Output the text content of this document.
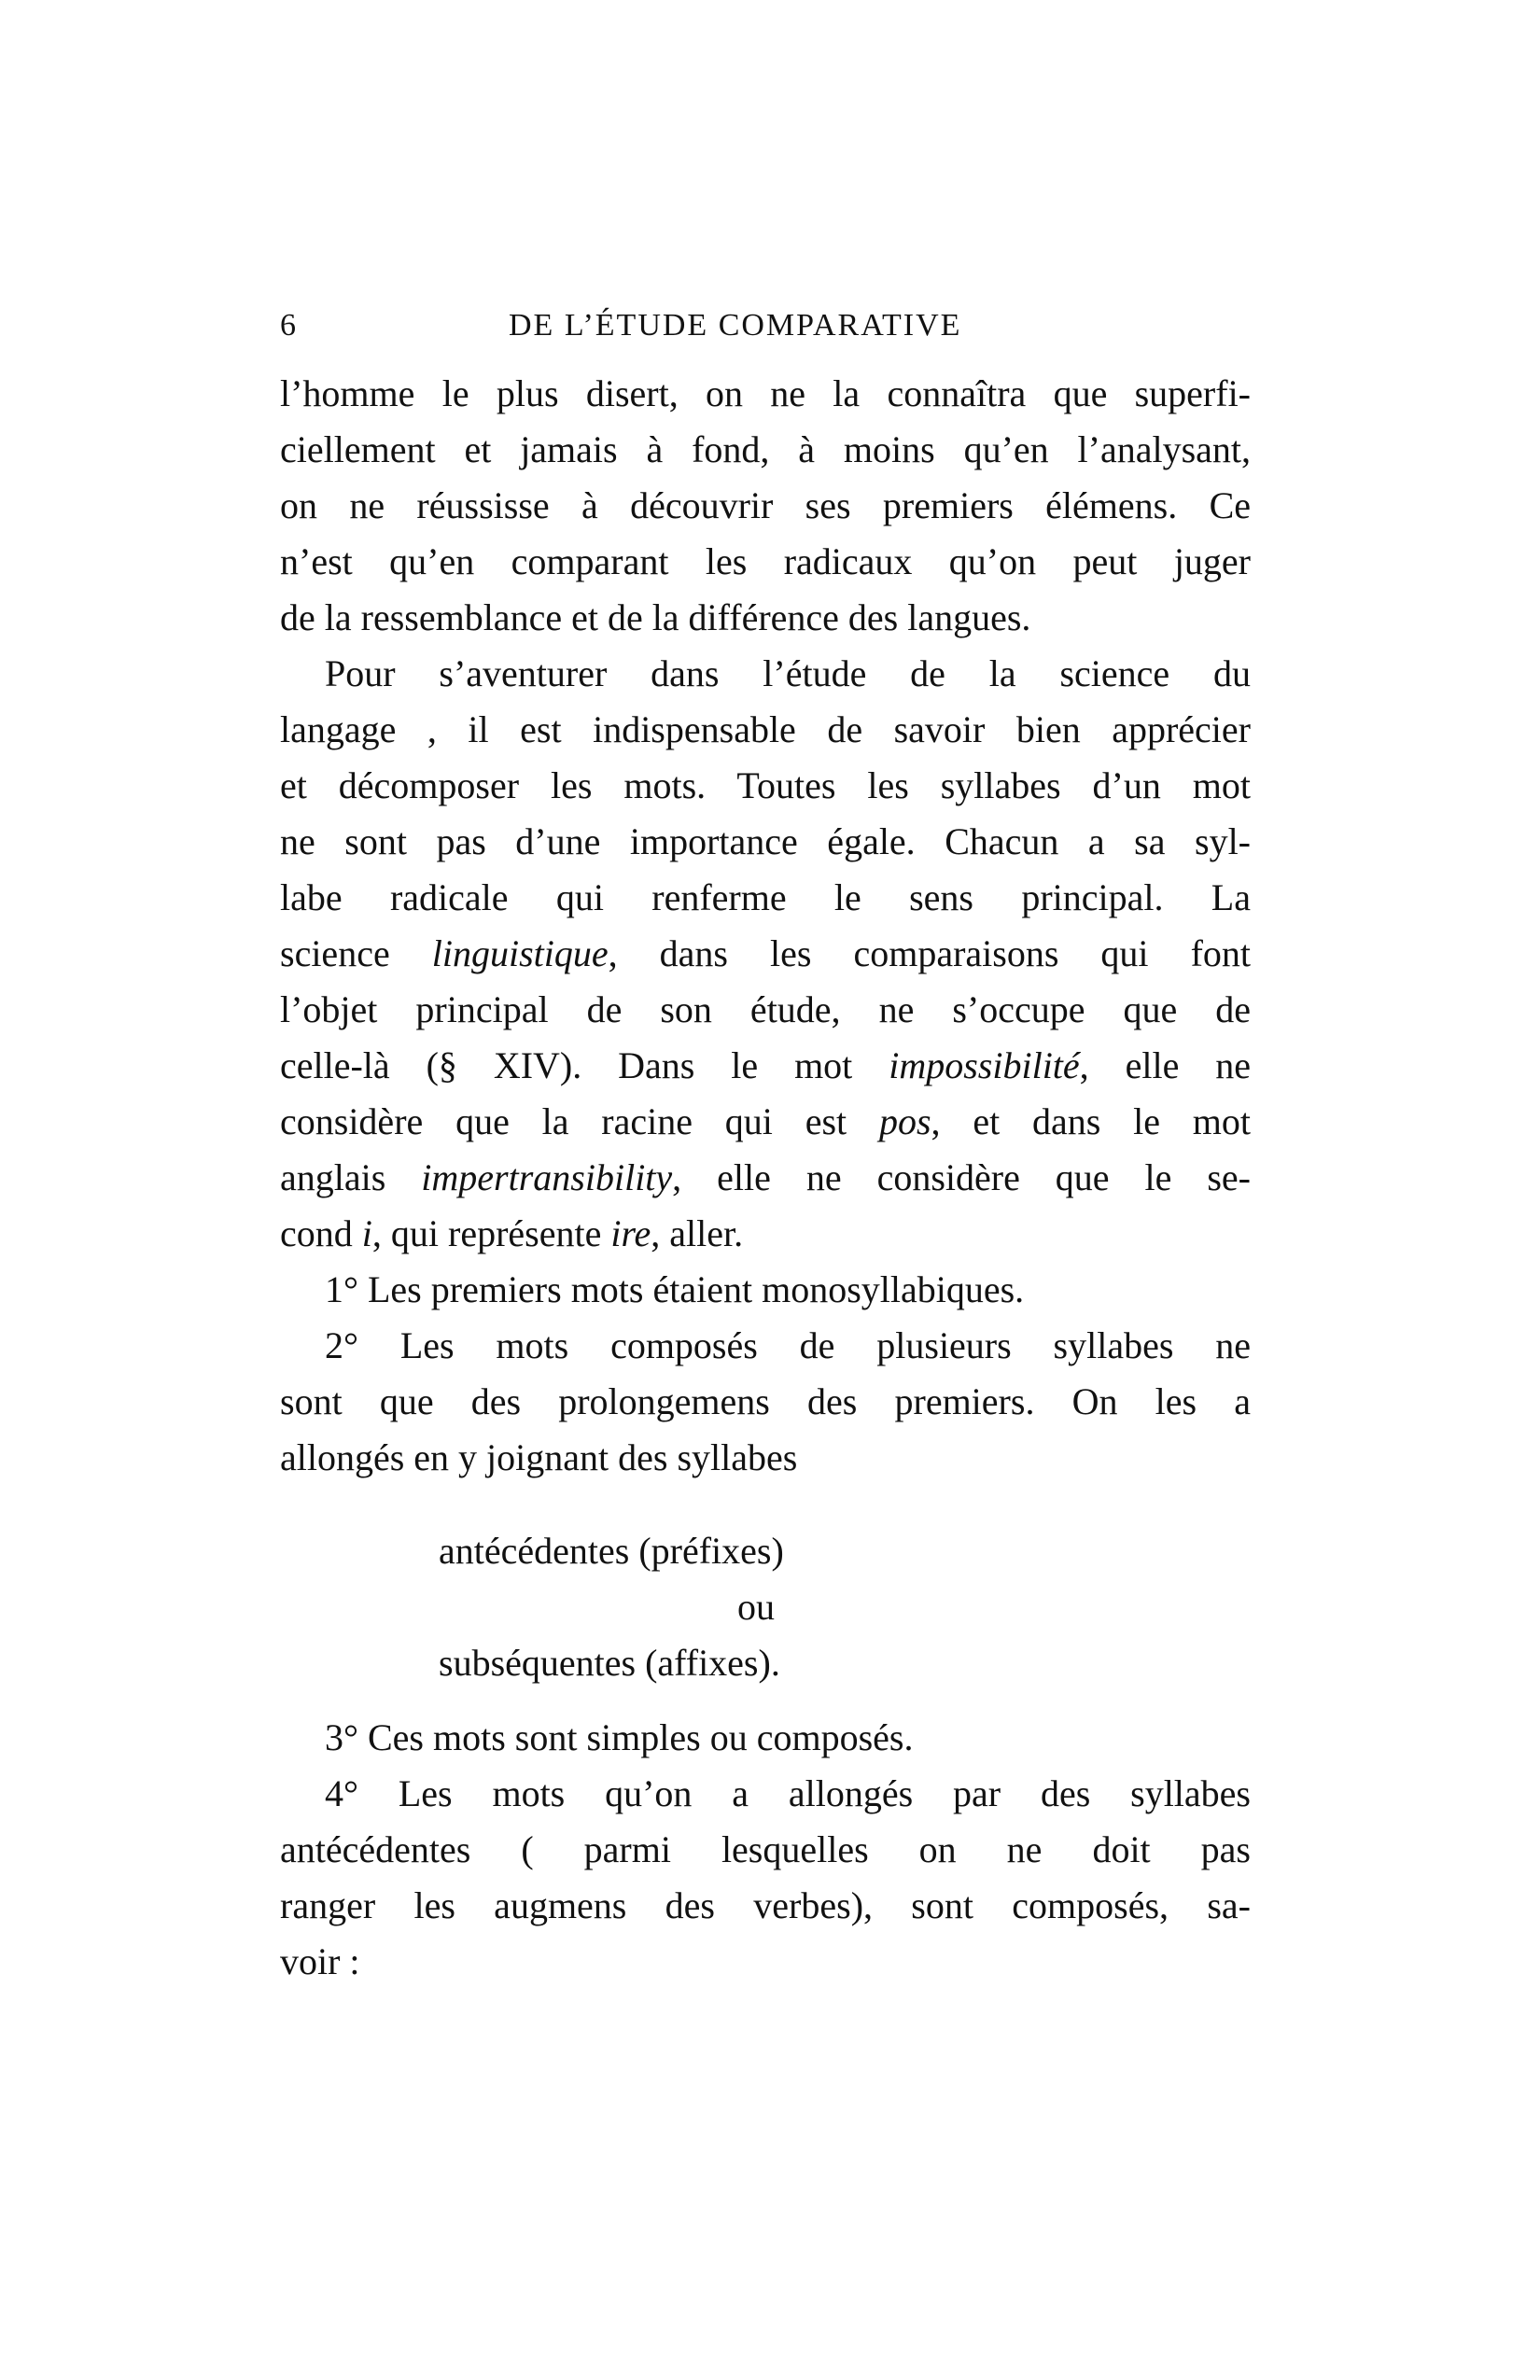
6	DE L’ÉTUDE COMPARATIVE
l’homme le plus disert, on ne la connaîtra que superfi-
ciellement et jamais à fond, à moins qu’en l’analysant,
on ne réussisse à découvrir ses premiers élémens. Ce
n’est qu’en comparant les radicaux qu’on peut juger
de la ressemblance et de la différence des langues.
Pour s’aventurer dans l’étude de la science du
langage , il est indispensable de savoir bien apprécier
et décomposer les mots. Toutes les syllabes d’un mot
ne sont pas d’une importance égale. Chacun a sa syl-
labe radicale qui renferme le sens principal. La
science linguistique, dans les comparaisons qui font
l’objet principal de son étude, ne s’occupe que de
celle-là (§ XIV). Dans le mot impossibilité, elle ne
considère que la racine qui est pos, et dans le mot
anglais impertransibility, elle ne considère que le se-
cond i, qui représente ire, aller.
1° Les premiers mots étaient monosyllabiques.
2° Les mots composés de plusieurs syllabes ne
sont que des prolongemens des premiers. On les a
allongés en y joignant des syllabes
antécédentes (préfixes)
ou
subséquentes (affixes).
3° Ces mots sont simples ou composés.
4° Les mots qu’on a allongés par des syllabes
antécédentes ( parmi lesquelles on ne doit pas
ranger les augmens des verbes), sont composés, sa-
voir :
